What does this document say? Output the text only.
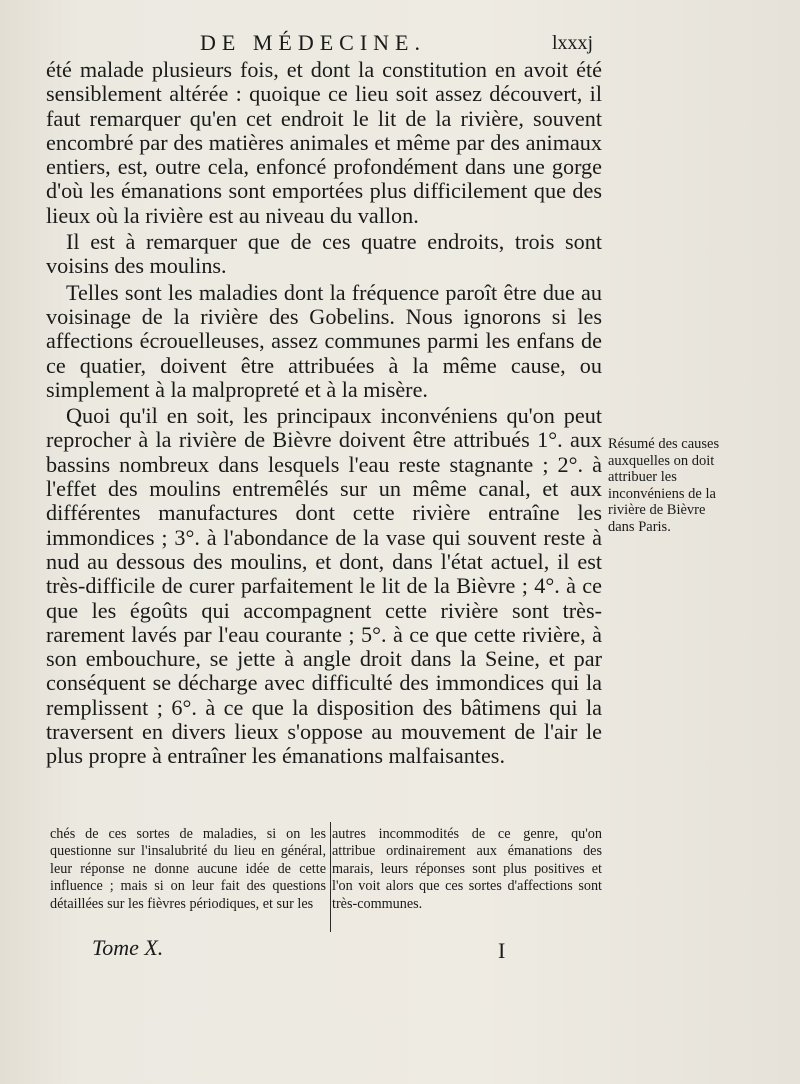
DE MÉDECINE.	lxxxj

été malade plusieurs fois, et dont la constitution en avoit été sensiblement altérée : quoique ce lieu soit assez découvert, il faut remarquer qu'en cet endroit le lit de la rivière, souvent encombré par des matières animales et même par des animaux entiers, est, outre cela, enfoncé profondément dans une gorge d'où les émanations sont emportées plus difficilement que des lieux où la rivière est au niveau du vallon.

Il est à remarquer que de ces quatre endroits, trois sont voisins des moulins.

Telles sont les maladies dont la fréquence paroît être due au voisinage de la rivière des Gobelins. Nous ignorons si les affections écrouelleuses, assez communes parmi les enfans de ce quatier, doivent être attribuées à la même cause, ou simplement à la malpropreté et à la misère.

Quoi qu'il en soit, les principaux inconvéniens qu'on peut reprocher à la rivière de Bièvre doivent être attribués 1°. aux bassins nombreux dans lesquels l'eau reste stagnante ; 2°. à l'effet des moulins entremêlés sur un même canal, et aux différentes manufactures dont cette rivière entraîne les immondices ; 3°. à l'abondance de la vase qui souvent reste à nud au dessous des moulins, et dont, dans l'état actuel, il est très-difficile de curer parfaitement le lit de la Bièvre ; 4°. à ce que les égoûts qui accompagnent cette rivière sont très-rarement lavés par l'eau courante ; 5°. à ce que cette rivière, à son embouchure, se jette à angle droit dans la Seine, et par conséquent se décharge avec difficulté des immondices qui la remplissent ; 6°. à ce que la disposition des bâtimens qui la traversent en divers lieux s'oppose au mouvement de l'air le plus propre à entraîner les émanations malfaisantes.

Résumé des causes auxquelles on doit attribuer les inconvéniens de la rivière de Bièvre dans Paris.

chés de ces sortes de maladies, si on les questionne sur l'insalubrité du lieu en général, leur réponse ne donne aucune idée de cette influence ; mais si on leur fait des questions détaillées sur les fièvres périodiques, et sur les

autres incommodités de ce genre, qu'on attribue ordinairement aux émanations des marais, leurs réponses sont plus positives et l'on voit alors que ces sortes d'affections sont très-communes.

Tome X.	I
